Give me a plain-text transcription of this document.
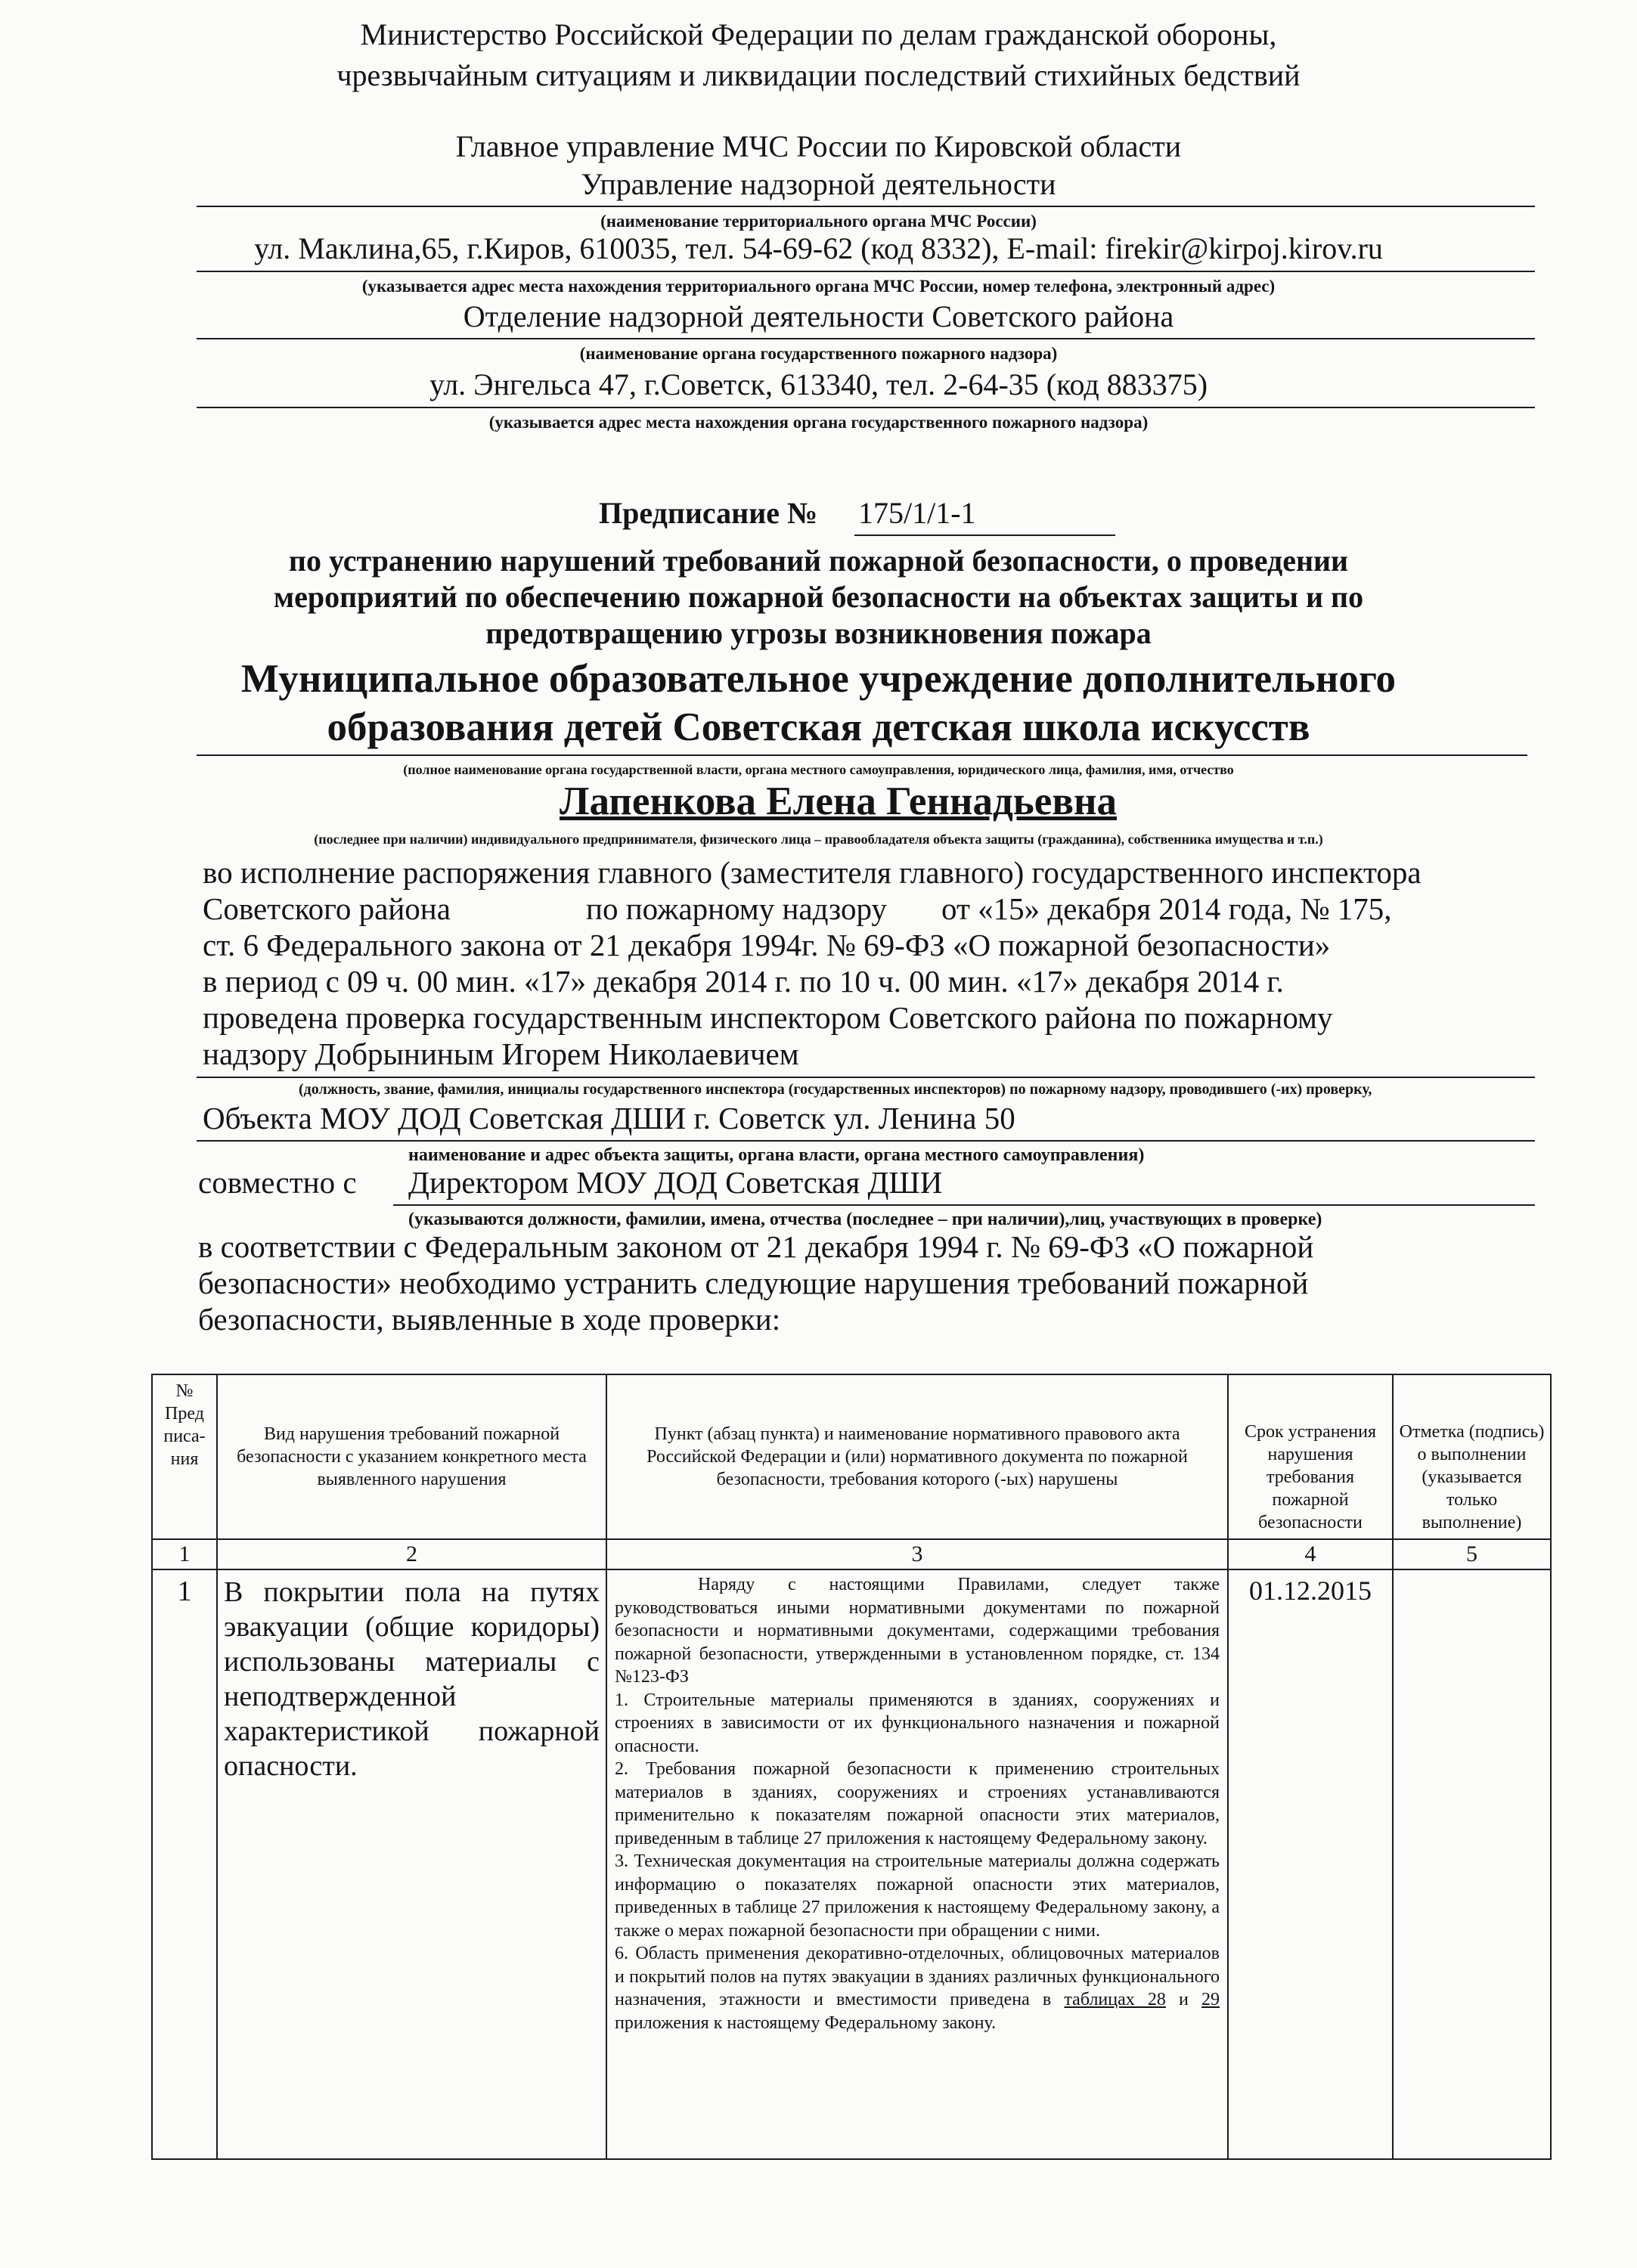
Министерство Российской Федерации по делам гражданской обороны,
чрезвычайным ситуациям и ликвидации последствий стихийных бедствий
Главное управление МЧС России по Кировской области
Управление надзорной деятельности
(наименование территориального органа МЧС России)
ул. Маклина,65, г.Киров, 610035, тел. 54-69-62 (код 8332), E-mail: firekir@kirpoj.kirov.ru
(указывается адрес места нахождения территориального органа МЧС России, номер телефона, электронный адрес)
Отделение надзорной деятельности Советского района
(наименование органа государственного пожарного надзора)
ул. Энгельса 47, г.Советск, 613340, тел. 2-64-35 (код 883375)
(указывается адрес места нахождения органа государственного пожарного надзора)
Предписание № 175/1/1-1
по устранению нарушений требований пожарной безопасности, о проведении
мероприятий по обеспечению пожарной безопасности на объектах защиты и по
предотвращению угрозы возникновения пожара
Муниципальное образовательное учреждение дополнительного
образования детей Советская детская школа искусств
(полное наименование органа государственной власти, органа местного самоуправления, юридического лица, фамилия, имя, отчество
Лапенкова Елена Геннадьевна
(последнее при наличии) индивидуального предпринимателя, физического лица – правообладателя объекта защиты (гражданина), собственника имущества и т.п.)
во исполнение распоряжения главного (заместителя главного) государственного инспектора
Советского района	по пожарному надзору от «15» декабря 2014 года, № 175,
ст. 6 Федерального закона от 21 декабря 1994г. № 69-ФЗ «О пожарной безопасности»
в период с 09 ч. 00 мин. «17» декабря 2014 г. по 10 ч. 00 мин. «17» декабря 2014 г.
проведена проверка государственным инспектором Советского района по пожарному
надзору Добрыниным Игорем Николаевичем
(должность, звание, фамилия, инициалы государственного инспектора (государственных инспекторов) по пожарному надзору, проводившего (-их) проверку,
Объекта МОУ ДОД Советская ДШИ г. Советск ул. Ленина 50
наименование и адрес объекта защиты, органа власти, органа местного самоуправления)
совместно с Директором МОУ ДОД Советская ДШИ
(указываются должности, фамилии, имена, отчества (последнее – при наличии),лиц, участвующих в проверке)
в соответствии с Федеральным законом от 21 декабря 1994 г. № 69-ФЗ «О пожарной
безопасности» необходимо устранить следующие нарушения требований пожарной
безопасности, выявленные в ходе проверки:
№ Пред писа-ния	Вид нарушения требований пожарной безопасности с указанием конкретного места выявленного нарушения	Пункт (абзац пункта) и наименование нормативного правового акта Российской Федерации и (или) нормативного документа по пожарной безопасности, требования которого (-ых) нарушены	Срок устранения нарушения требования пожарной безопасности	Отметка (подпись) о выполнении (указывается только выполнение)
1	2	3	4	5
1	В покрытии пола на путях эвакуации (общие коридоры) использованы материалы с неподтвержденной характеристикой пожарной опасности.	Наряду с настоящими Правилами, следует также руководствоваться иными нормативными документами по пожарной безопасности и нормативными документами, содержащими требования пожарной безопасности, утвержденными в установленном порядке, ст. 134 №123-ФЗ

1. Строительные материалы применяются в зданиях, сооружениях и строениях в зависимости от их функционального назначения и пожарной опасности.

2. Требования пожарной безопасности к применению строительных материалов в зданиях, сооружениях и строениях устанавливаются применительно к показателям пожарной опасности этих материалов, приведенным в таблице 27 приложения к настоящему Федеральному закону.

3. Техническая документация на строительные материалы должна содержать информацию о показателях пожарной опасности этих материалов, приведенных в таблице 27 приложения к настоящему Федеральному закону, а также о мерах пожарной безопасности при обращении с ними.

6. Область применения декоративно-отделочных, облицовочных материалов и покрытий полов на путях эвакуации в зданиях различных функционального назначения, этажности и вместимости приведена в таблицах 28 и 29 приложения к настоящему Федеральному закону.	01.12.2015	
